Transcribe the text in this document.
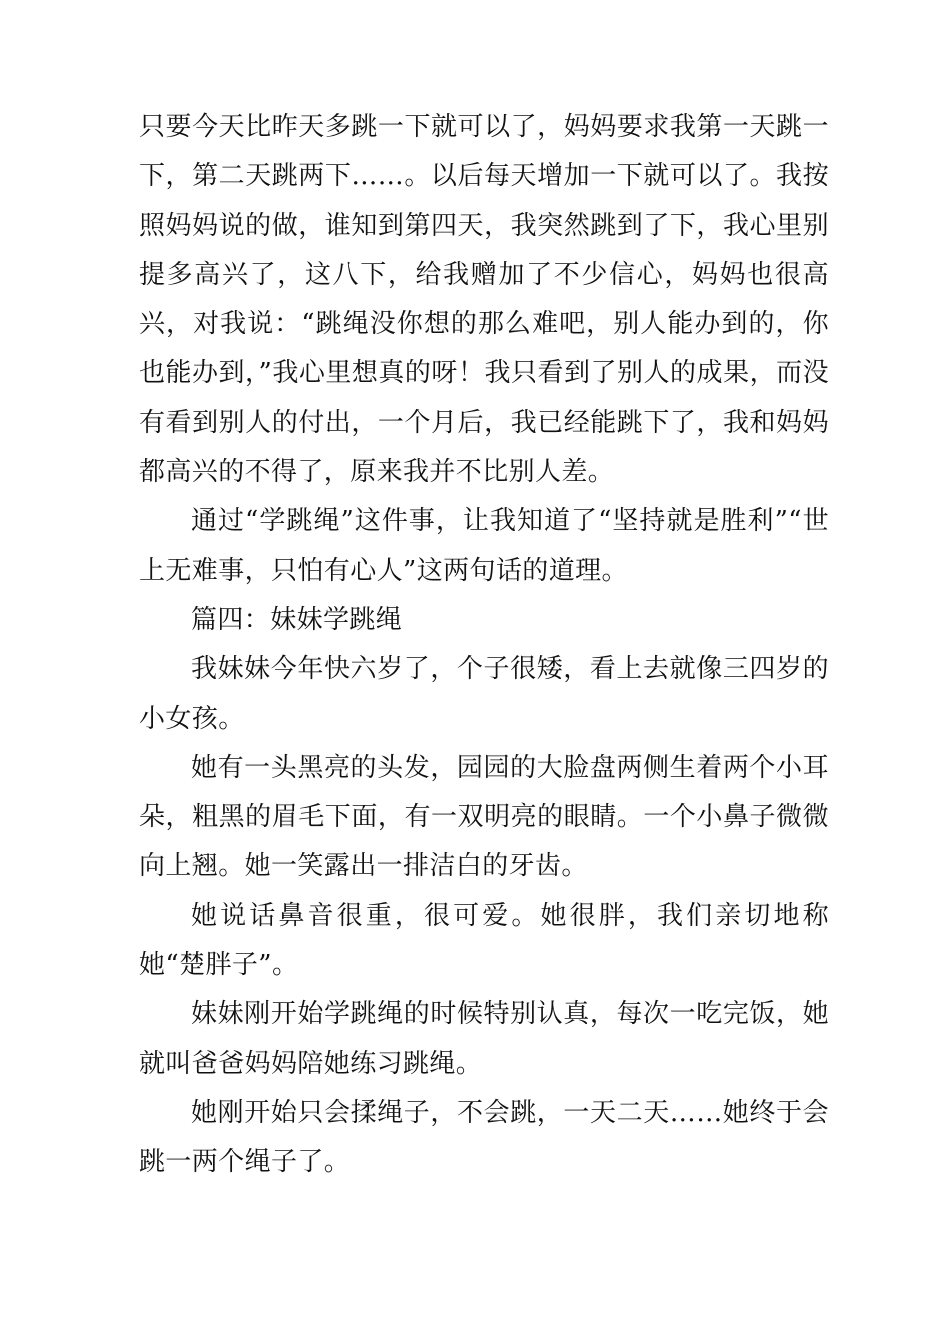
只要今天比昨天多跳一下就可以了，妈妈要求我第一天跳一下，第二天跳两下……。以后每天增加一下就可以了。我按照妈妈说的做，谁知到第四天，我突然跳到了下，我心里别提多高兴了，这八下，给我赠加了不少信心，妈妈也很高兴，对我说：“跳绳没你想的那么难吧，别人能办到的，你也能办到，”我心里想真的呀！我只看到了别人的成果，而没有看到别人的付出，一个月后，我已经能跳下了，我和妈妈都高兴的不得了，原来我并不比别人差。

通过“学跳绳”这件事，让我知道了“坚持就是胜利”“世上无难事，只怕有心人”这两句话的道理。

篇四：妹妹学跳绳

我妹妹今年快六岁了，个子很矮，看上去就像三四岁的小女孩。

她有一头黑亮的头发，园园的大脸盘两侧生着两个小耳朵，粗黑的眉毛下面，有一双明亮的眼睛。一个小鼻子微微向上翘。她一笑露出一排洁白的牙齿。

她说话鼻音很重，很可爱。她很胖，我们亲切地称她“楚胖子”。

妹妹刚开始学跳绳的时候特别认真，每次一吃完饭，她就叫爸爸妈妈陪她练习跳绳。

她刚开始只会揉绳子，不会跳，一天二天……她终于会跳一两个绳子了。
